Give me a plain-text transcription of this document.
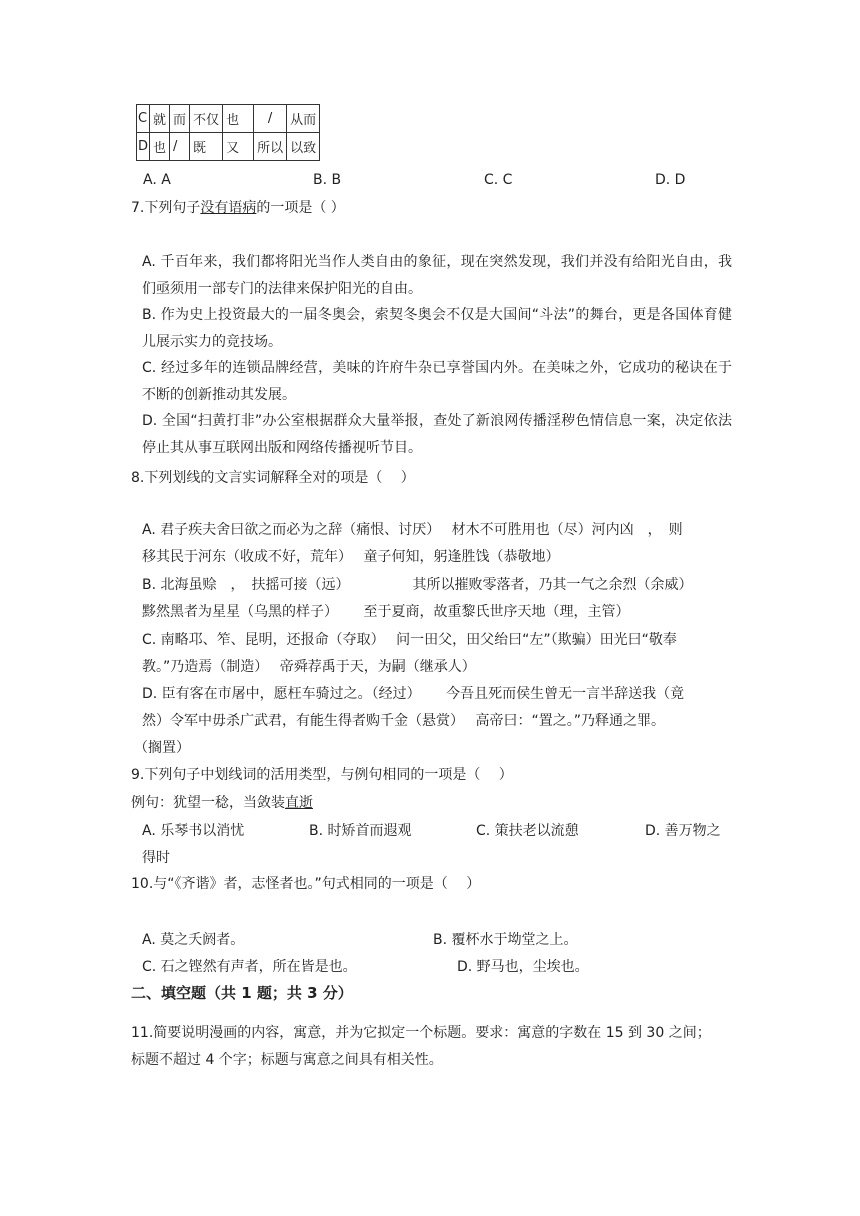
C	就	而	不仅	也	/	从而
D	也	/	既	又	所以	以致
A. A	B. B	C. C	D. D
7.下列句子没有语病的一项是（ ）
A. 千百年来，我们都将阳光当作人类自由的象征，现在突然发现，我们并没有给阳光自由，我们亟须用一部专门的法律来保护阳光的自由。
B. 作为史上投资最大的一届冬奥会，索契冬奥会不仅是大国间“斗法”的舞台，更是各国体育健儿展示实力的竞技场。
C. 经过多年的连锁品牌经营，美味的许府牛杂已享誉国内外。在美味之外，它成功的秘诀在于不断的创新推动其发展。
D. 全国“扫黄打非”办公室根据群众大量举报，查处了新浪网传播淫秽色情信息一案，决定依法停止其从事互联网出版和网络传播视听节目。
8.下列划线的文言实词解释全对的项是（　 ）
A. 君子疾夫舍曰欲之而必为之辞（痛恨、讨厌）　 材木不可胜用也（尽）河内凶　，　则
移其民于河东（收成不好，荒年）　 童子何知，躬逢胜饯（恭敬地）
B. 北海虽赊　，　扶摇可接（远）　　　　　其所以摧败零落者，乃其一气之余烈（余威）
黟然黑者为星星（乌黑的样子）　　 至于夏商，故重黎氏世序天地（理，主管）
C. 南略邛、笮、昆明，还报命（夺取）　 问一田父，田父绐曰“左”（欺骗）田光曰“敬奉
教。”乃造焉（制造）　 帝舜荐禹于天，为嗣（继承人）
D. 臣有客在市屠中，愿枉车骑过之。（经过）　　 今吾且死而侯生曾无一言半辞送我（竟
然）令军中毋杀广武君，有能生得者购千金（悬赏）　 高帝曰：“置之。”乃释通之罪。
（搁置）
9.下列句子中划线词的活用类型，与例句相同的一项是（　 ）
例句：犹望一稔，当敛装直逝
A. 乐琴书以消忧	B. 时矫首而遐观	C. 策扶老以流憩	D. 善万物之
得时
10.与“《齐谐》者，志怪者也。”句式相同的一项是（　 ）
A. 莫之夭阏者。	B. 覆杯水于坳堂之上。
C. 石之铿然有声者，所在皆是也。	D. 野马也，尘埃也。
二、填空题（共 1 题；共 3 分）
11.简要说明漫画的内容，寓意，并为它拟定一个标题。要求：寓意的字数在 15 到 30 之间；
标题不超过 4 个字；标题与寓意之间具有相关性。
